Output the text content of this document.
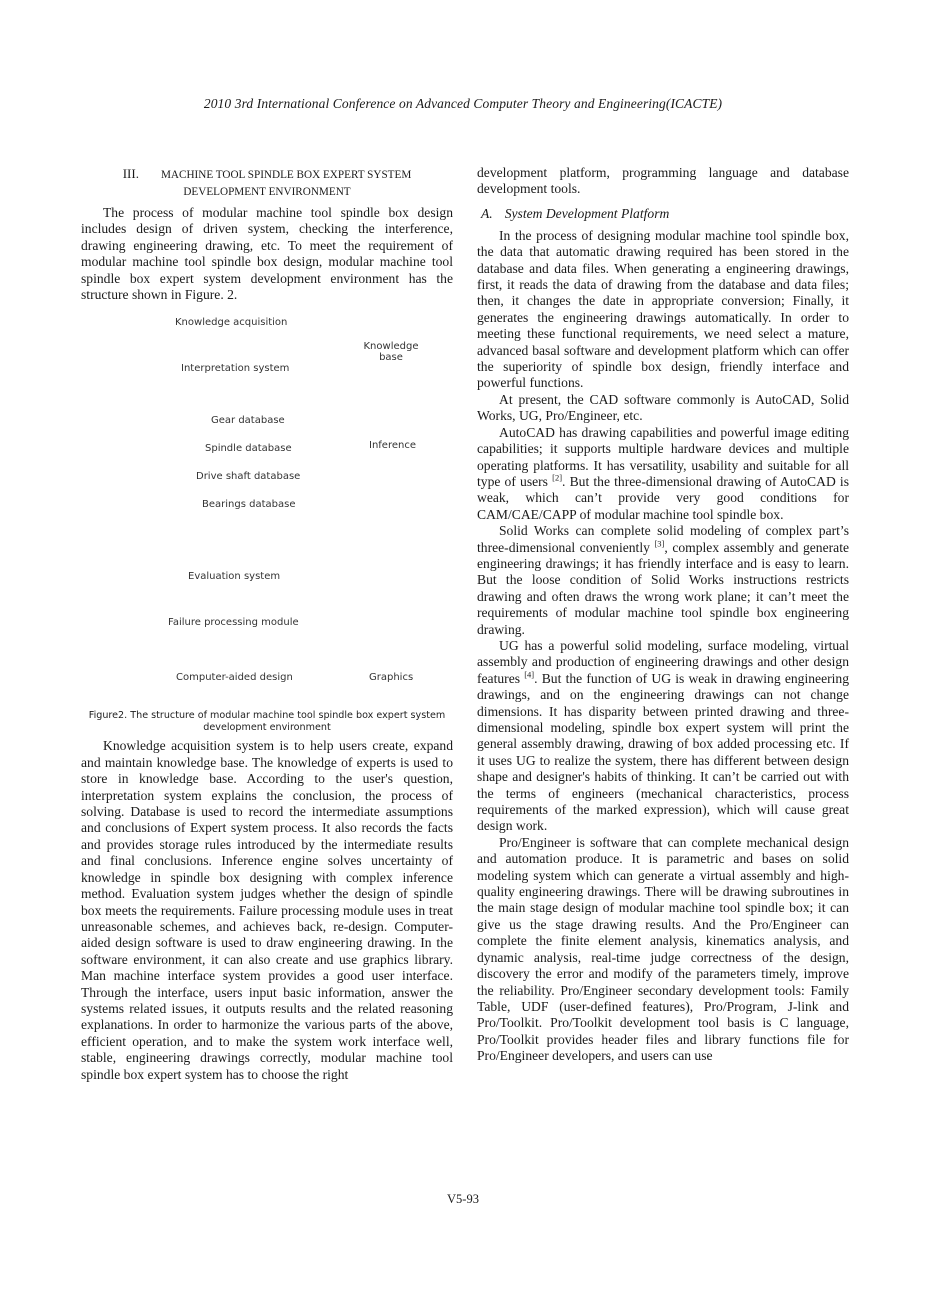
2010 3rd International Conference on Advanced Computer Theory and Engineering(ICACTE)
III. MACHINE TOOL SPINDLE BOX EXPERT SYSTEM
DEVELOPMENT ENVIRONMENT

The process of modular machine tool spindle box design includes design of driven system, checking the interference, drawing engineering drawing, etc. To meet the requirement of modular machine tool spindle box design, modular machine tool spindle box expert system development environment has the structure shown in Figure. 2.

Knowledge acquisition
Knowledge
base
Interpretation system
Gear database
Spindle database	Inference
Drive shaft database
Bearings database
Evaluation system
Failure processing module
Computer-aided design	Graphics
Figure2. The structure of modular machine tool spindle box expert system
development environment

Knowledge acquisition system is to help users create, expand and maintain knowledge base. The knowledge of experts is used to store in knowledge base. According to the user's question, interpretation system explains the conclusion, the process of solving. Database is used to record the intermediate assumptions and conclusions of Expert system process. It also records the facts and provides storage rules introduced by the intermediate results and final conclusions. Inference engine solves uncertainty of knowledge in spindle box designing with complex inference method. Evaluation system judges whether the design of spindle box meets the requirements. Failure processing module uses in treat unreasonable schemes, and achieves back, re-design. Computer-aided design software is used to draw engineering drawing. In the software environment, it can also create and use graphics library. Man machine interface system provides a good user interface. Through the interface, users input basic information, answer the systems related issues, it outputs results and the related reasoning explanations. In order to harmonize the various parts of the above, efficient operation, and to make the system work interface well, stable, engineering drawings correctly, modular machine tool spindle box expert system has to choose the right

development platform, programming language and database development tools.

A. System Development Platform

In the process of designing modular machine tool spindle box, the data that automatic drawing required has been stored in the database and data files. When generating a engineering drawings, first, it reads the data of drawing from the database and data files; then, it changes the date in appropriate conversion; Finally, it generates the engineering drawings automatically. In order to meeting these functional requirements, we need select a mature, advanced basal software and development platform which can offer the superiority of spindle box design, friendly interface and powerful functions.

At present, the CAD software commonly is AutoCAD, Solid Works, UG, Pro/Engineer, etc.

AutoCAD has drawing capabilities and powerful image editing capabilities; it supports multiple hardware devices and multiple operating platforms. It has versatility, usability and suitable for all type of users [2]. But the three-dimensional drawing of AutoCAD is weak, which can’t provide very good conditions for CAM/CAE/CAPP of modular machine tool spindle box.

Solid Works can complete solid modeling of complex part’s three-dimensional conveniently [3], complex assembly and generate engineering drawings; it has friendly interface and is easy to learn. But the loose condition of Solid Works instructions restricts drawing and often draws the wrong work plane; it can’t meet the requirements of modular machine tool spindle box engineering drawing.

UG has a powerful solid modeling, surface modeling, virtual assembly and production of engineering drawings and other design features [4]. But the function of UG is weak in drawing engineering drawings, and on the engineering drawings can not change dimensions. It has disparity between printed drawing and three-dimensional modeling, spindle box expert system will print the general assembly drawing, drawing of box added processing etc. If it uses UG to realize the system, there has different between design shape and designer's habits of thinking. It can’t be carried out with the terms of engineers (mechanical characteristics, process requirements of the marked expression), which will cause great design work.

Pro/Engineer is software that can complete mechanical design and automation produce. It is parametric and bases on solid modeling system which can generate a virtual assembly and high-quality engineering drawings. There will be drawing subroutines in the main stage design of modular machine tool spindle box; it can give us the stage drawing results. And the Pro/Engineer can complete the finite element analysis, kinematics analysis, and dynamic analysis, real-time judge correctness of the design, discovery the error and modify of the parameters timely, improve the reliability. Pro/Engineer secondary development tools: Family Table, UDF (user-defined features), Pro/Program, J-link and Pro/Toolkit. Pro/Toolkit development tool basis is C language, Pro/Toolkit provides header files and library functions file for Pro/Engineer developers, and users can use

V5-93
